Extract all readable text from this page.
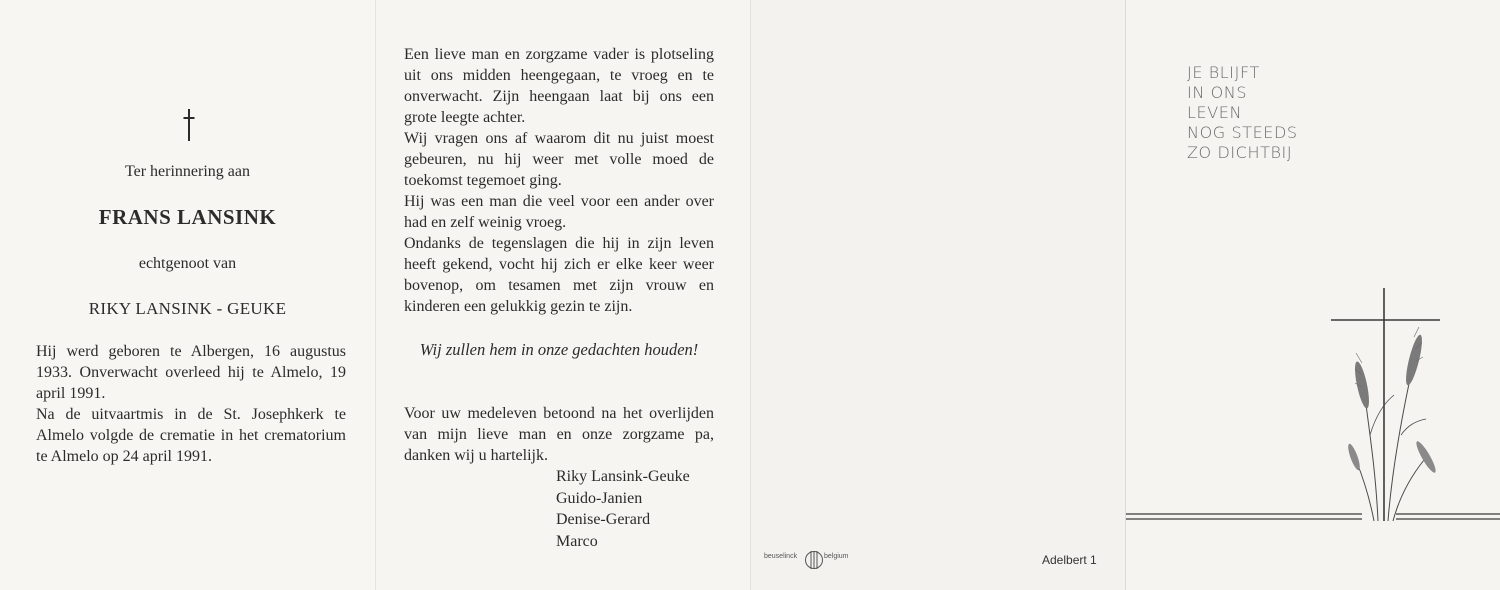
Ter herinnering aan
FRANS LANSINK
echtgenoot van
RIKY LANSINK - GEUKE

Hij werd geboren te Albergen, 16 augustus 1933. Onverwacht overleed hij te Almelo, 19 april 1991.

Na de uitvaartmis in de St. Josephkerk te Almelo volgde de crematie in het crematorium te Almelo op 24 april 1991.

Een lieve man en zorgzame vader is plotseling uit ons midden heengegaan, te vroeg en te onverwacht. Zijn heengaan laat bij ons een grote leegte achter.

Wij vragen ons af waarom dit nu juist moest gebeuren, nu hij weer met volle moed de toekomst tegemoet ging.

Hij was een man die veel voor een ander over had en zelf weinig vroeg.

Ondanks de tegenslagen die hij in zijn leven heeft gekend, vocht hij zich er elke keer weer bovenop, om tesamen met zijn vrouw en kinderen een gelukkig gezin te zijn.

Wij zullen hem in onze gedachten houden!
Voor uw medeleven betoond na het overlijden van mijn lieve man en onze zorgzame pa, danken wij u hartelijk.
Riky Lansink-Geuke
Guido-Janien
Denise-Gerard
Marco
beuselinck	belgium	Adelbert 1
JE BLIJFT
IN ONS
LEVEN
NOG STEEDS
ZO DICHTBIJ
